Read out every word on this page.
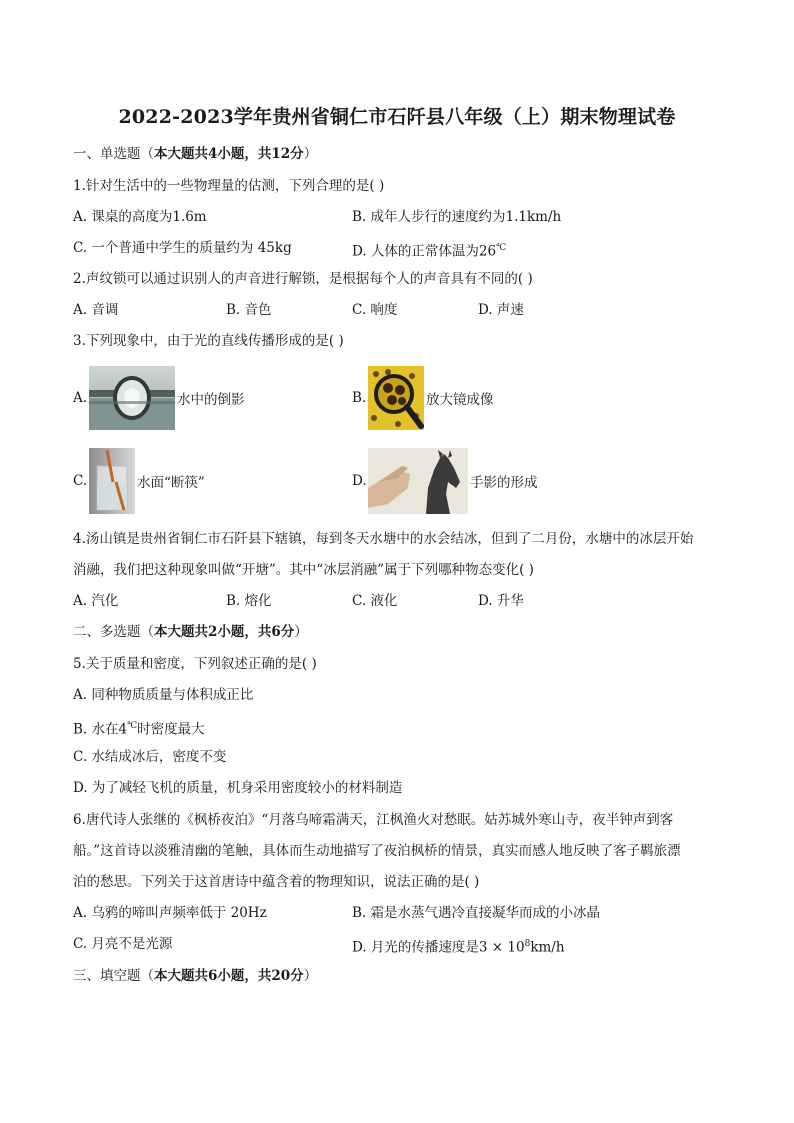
2022-2023学年贵州省铜仁市石阡县八年级（上）期末物理试卷
一、单选题（本大题共4小题，共12分）
1.针对生活中的一些物理量的估测，下列合理的是( )
A. 课桌的高度为1.6m	B. 成年人步行的速度约为1.1km/h
C. 一个普通中学生的质量约为 45kg	D. 人体的正常体温为26℃
2.声纹锁可以通过识别人的声音进行解锁，是根据每个人的声音具有不同的( )
A. 音调	B. 音色	C. 响度	D. 声速
3.下列现象中，由于光的直线传播形成的是( )
A.	水中的倒影	B.	放大镜成像
C.	水面“断筷”	D.	手影的形成
4.汤山镇是贵州省铜仁市石阡县下辖镇，每到冬天水塘中的水会结冰，但到了二月份，水塘中的冰层开始
消融，我们把这种现象叫做“开塘”。其中“冰层消融”属于下列哪种物态变化( )
A. 汽化	B. 熔化	C. 液化	D. 升华
二、多选题（本大题共2小题，共6分）
5.关于质量和密度，下列叙述正确的是( )
A. 同种物质质量与体积成正比
B. 水在4℃时密度最大
C. 水结成冰后，密度不变
D. 为了减轻飞机的质量，机身采用密度较小的材料制造
6.唐代诗人张继的《枫桥夜泊》“月落乌啼霜满天，江枫渔火对愁眠。姑苏城外寒山寺，夜半钟声到客
船。”这首诗以淡雅清幽的笔触，具体而生动地描写了夜泊枫桥的情景，真实而感人地反映了客子羁旅漂
泊的愁思。下列关于这首唐诗中蕴含着的物理知识，说法正确的是( )
A. 乌鸦的啼叫声频率低于 20Hz	B. 霜是水蒸气遇冷直接凝华而成的小冰晶
C. 月亮不是光源	D. 月光的传播速度是$3 \times 10^8km/h$
三、填空题（本大题共6小题，共20分）
